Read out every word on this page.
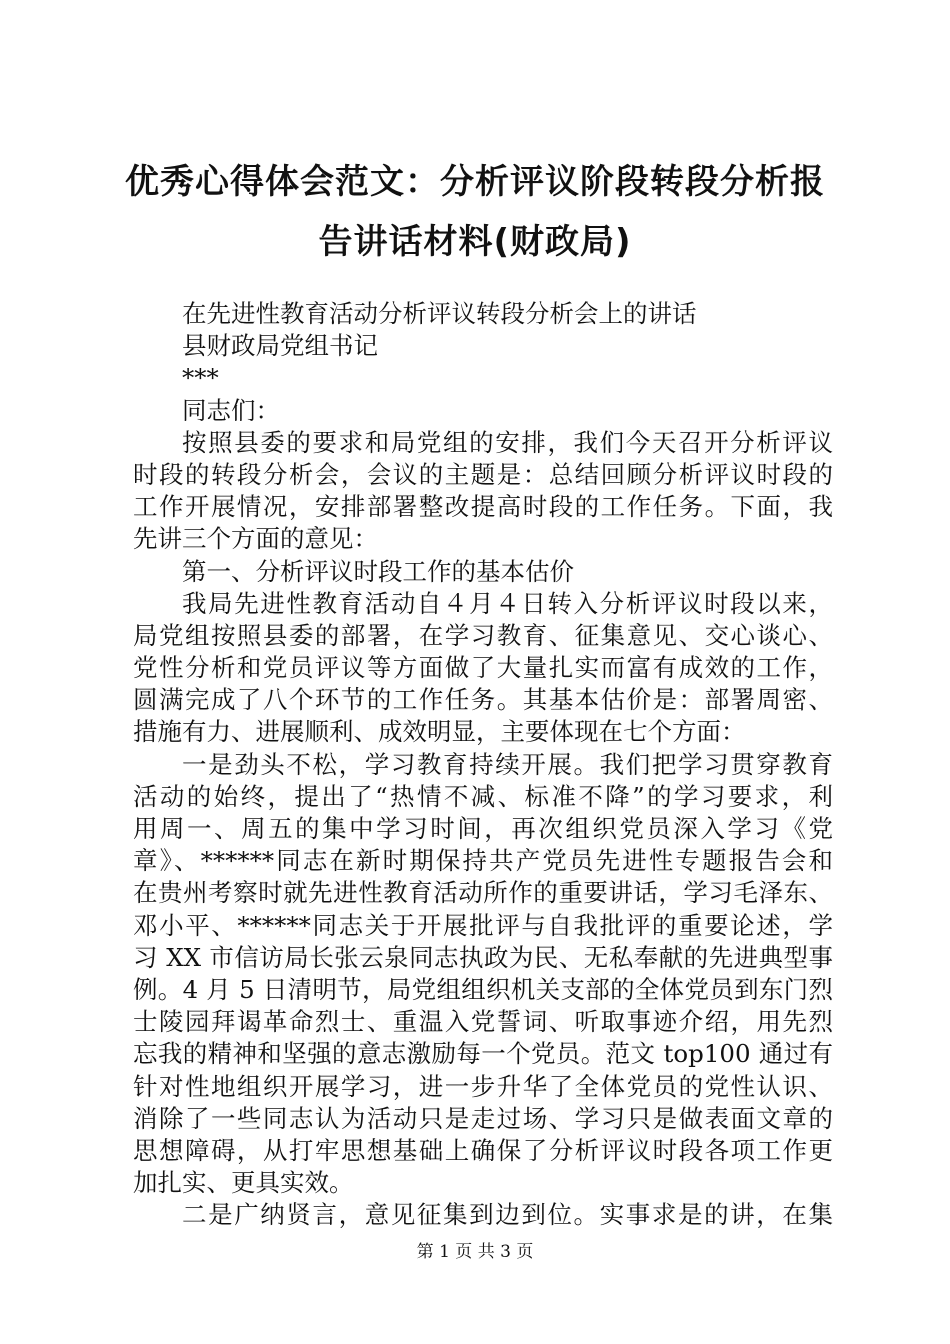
优秀心得体会范文：分析评议阶段转段分析报
告讲话材料(财政局)
在先进性教育活动分析评议转段分析会上的讲话
县财政局党组书记
***
同志们：
按照县委的要求和局党组的安排，我们今天召开分析评议
时段的转段分析会，会议的主题是：总结回顾分析评议时段的
工作开展情况，安排部署整改提高时段的工作任务。下面，我
先讲三个方面的意见：
第一、分析评议时段工作的基本估价
我局先进性教育活动自４月４日转入分析评议时段以来，
局党组按照县委的部署，在学习教育、征集意见、交心谈心、
党性分析和党员评议等方面做了大量扎实而富有成效的工作，
圆满完成了八个环节的工作任务。其基本估价是：部署周密、
措施有力、进展顺利、成效明显，主要体现在七个方面：
一是劲头不松，学习教育持续开展。我们把学习贯穿教育
活动的始终，提出了“热情不减、标准不降”的学习要求，利
用周一、周五的集中学习时间，再次组织党员深入学习《党
章》、******同志在新时期保持共产党员先进性专题报告会和
在贵州考察时就先进性教育活动所作的重要讲话，学习毛泽东、
邓小平、******同志关于开展批评与自我批评的重要论述，学
习 XX 市信访局长张云泉同志执政为民、无私奉献的先进典型事
例。4 月 5 日清明节，局党组组织机关支部的全体党员到东门烈
士陵园拜谒革命烈士、重温入党誓词、听取事迹介绍，用先烈
忘我的精神和坚强的意志激励每一个党员。范文 top100 通过有
针对性地组织开展学习，进一步升华了全体党员的党性认识、
消除了一些同志认为活动只是走过场、学习只是做表面文章的
思想障碍，从打牢思想基础上确保了分析评议时段各项工作更
加扎实、更具实效。
二是广纳贤言，意见征集到边到位。实事求是的讲，在集
第 1 页 共 3 页
